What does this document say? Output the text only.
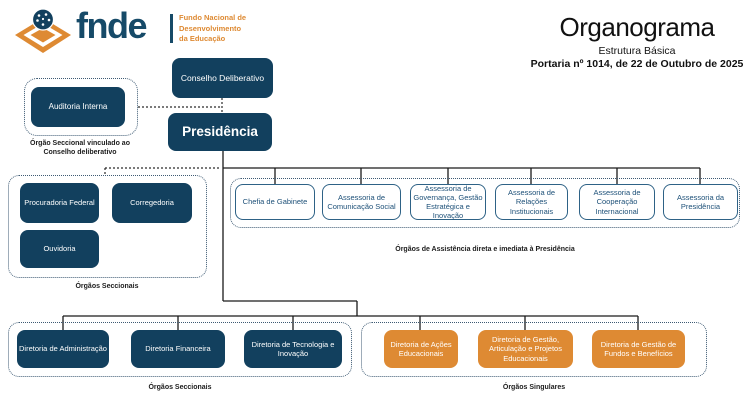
fnde	Fundo Nacional de
Desenvolvimento
da Educação	Organograma
Estrutura Básica
Portaria nº 1014, de 22 de Outubro de 2025
Conselho Deliberativo
Presidência
Auditoria Interna
Órgão Seccional vinculado ao Conselho deliberativo
Procuradoria Federal	Corregedoria
Ouvidoria
Órgãos Seccionais
Chefia de Gabinete
Assessoria de Comunicação Social
Assessoria de Governança, Gestão Estratégica e Inovação
Assessoria de Relações Institucionais
Assessoria de Cooperação Internacional
Assessoria da Presidência
Órgãos de Assistência direta e imediata à Presidência
Diretoria de Administração	Diretoria Financeira
Diretoria de Tecnologia e Inovação
Órgãos Seccionais
Diretoria de Ações Educacionais
Diretoria de Gestão, Articulação e Projetos Educacionais
Diretoria de Gestão de Fundos e Benefícios
Órgãos Singulares
